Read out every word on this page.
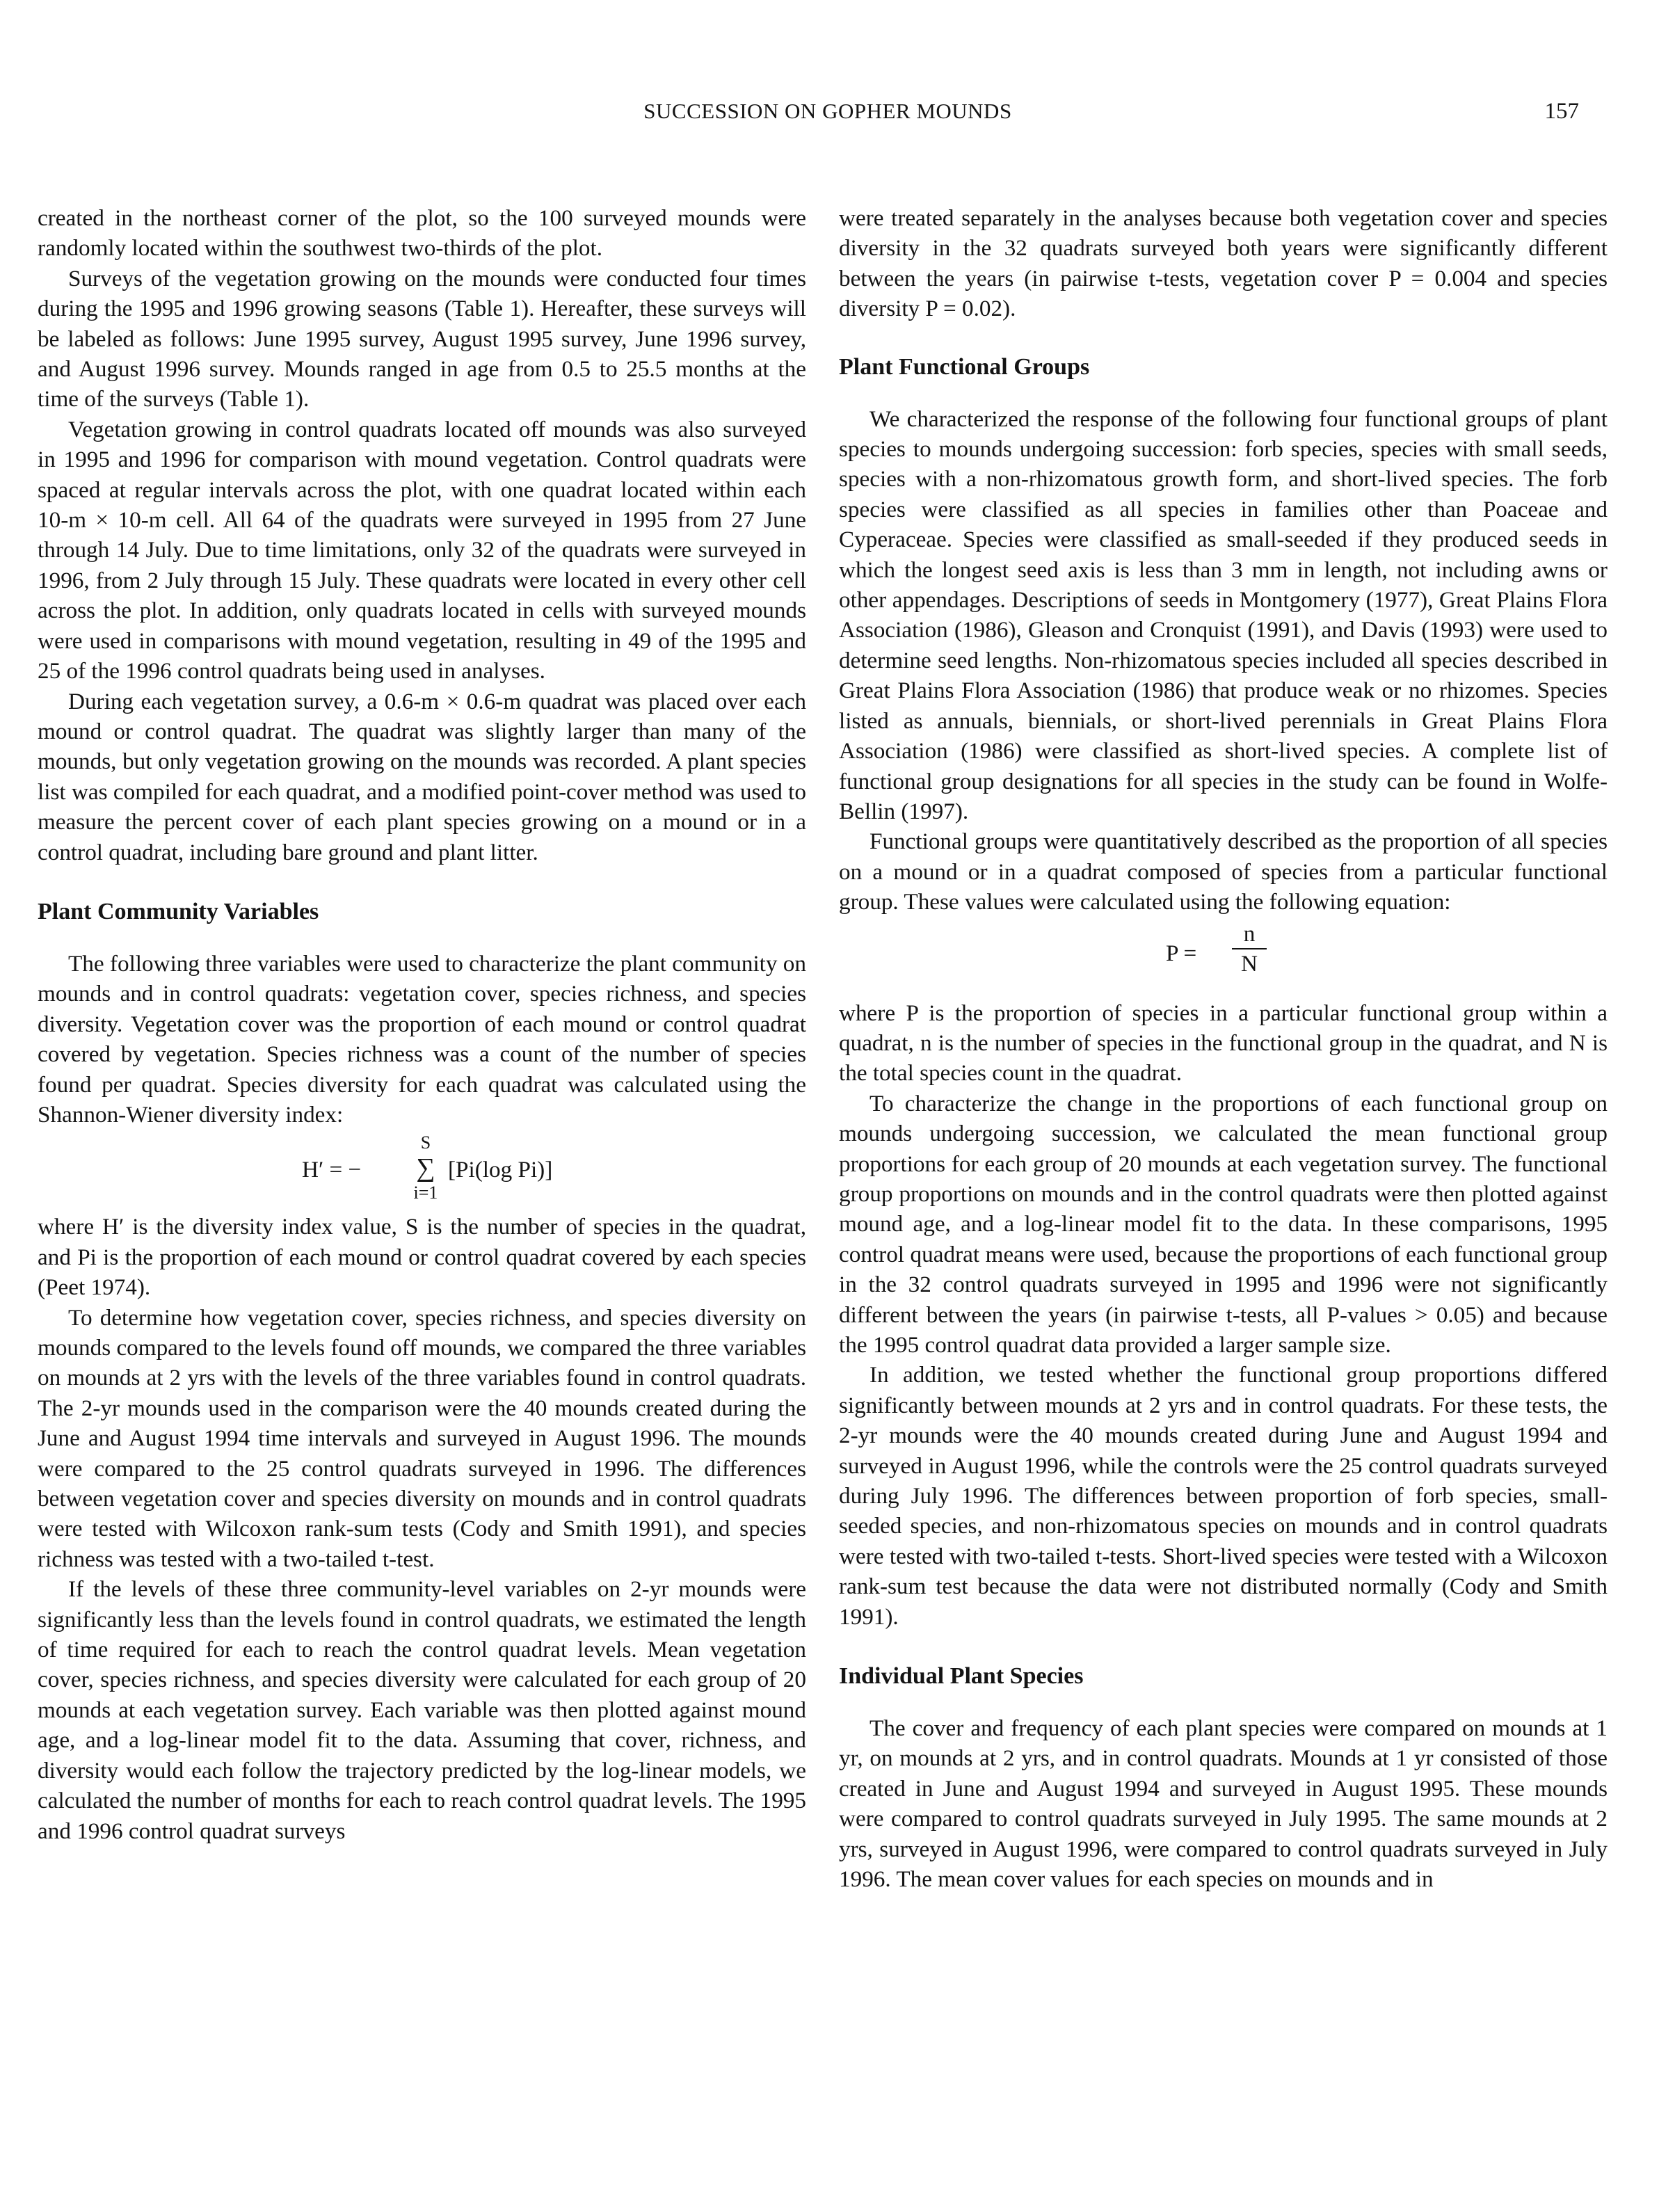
SUCCESSION ON GOPHER MOUNDS	157

created in the northeast corner of the plot, so the 100 surveyed mounds were randomly located within the southwest two-thirds of the plot.

Surveys of the vegetation growing on the mounds were conducted four times during the 1995 and 1996 growing seasons (Table 1). Hereafter, these surveys will be labeled as follows: June 1995 survey, August 1995 survey, June 1996 survey, and August 1996 survey. Mounds ranged in age from 0.5 to 25.5 months at the time of the surveys (Table 1).

Vegetation growing in control quadrats located off mounds was also surveyed in 1995 and 1996 for comparison with mound vegetation. Control quadrats were spaced at regular intervals across the plot, with one quadrat located within each 10-m × 10-m cell. All 64 of the quadrats were surveyed in 1995 from 27 June through 14 July. Due to time limitations, only 32 of the quadrats were surveyed in 1996, from 2 July through 15 July. These quadrats were located in every other cell across the plot. In addition, only quadrats located in cells with surveyed mounds were used in comparisons with mound vegetation, resulting in 49 of the 1995 and 25 of the 1996 control quadrats being used in analyses.

During each vegetation survey, a 0.6-m × 0.6-m quadrat was placed over each mound or control quadrat. The quadrat was slightly larger than many of the mounds, but only vegetation growing on the mounds was recorded. A plant species list was compiled for each quadrat, and a modified point-cover method was used to measure the percent cover of each plant species growing on a mound or in a control quadrat, including bare ground and plant litter.

Plant Community Variables

The following three variables were used to characterize the plant community on mounds and in control quadrats: vegetation cover, species richness, and species diversity. Vegetation cover was the proportion of each mound or control quadrat covered by vegetation. Species richness was a count of the number of species found per quadrat. Species diversity for each quadrat was calculated using the Shannon-Wiener diversity index:

H′ = −
S
∑
i=1
[Pi(log Pi)]

where H′ is the diversity index value, S is the number of species in the quadrat, and Pi is the proportion of each mound or control quadrat covered by each species (Peet 1974).

To determine how vegetation cover, species richness, and species diversity on mounds compared to the levels found off mounds, we compared the three variables on mounds at 2 yrs with the levels of the three variables found in control quadrats. The 2-yr mounds used in the comparison were the 40 mounds created during the June and August 1994 time intervals and surveyed in August 1996. The mounds were compared to the 25 control quadrats surveyed in 1996. The differences between vegetation cover and species diversity on mounds and in control quadrats were tested with Wilcoxon rank-sum tests (Cody and Smith 1991), and species richness was tested with a two-tailed t-test.

If the levels of these three community-level variables on 2-yr mounds were significantly less than the levels found in control quadrats, we estimated the length of time required for each to reach the control quadrat levels. Mean vegetation cover, species richness, and species diversity were calculated for each group of 20 mounds at each vegetation survey. Each variable was then plotted against mound age, and a log-linear model fit to the data. Assuming that cover, richness, and diversity would each follow the trajectory predicted by the log-linear models, we calculated the number of months for each to reach control quadrat levels. The 1995 and 1996 control quadrat surveys

were treated separately in the analyses because both vegetation cover and species diversity in the 32 quadrats surveyed both years were significantly different between the years (in pairwise t-tests, vegetation cover P = 0.004 and species diversity P = 0.02).

Plant Functional Groups

We characterized the response of the following four functional groups of plant species to mounds undergoing succession: forb species, species with small seeds, species with a non-rhizomatous growth form, and short-lived species. The forb species were classified as all species in families other than Poaceae and Cyperaceae. Species were classified as small-seeded if they produced seeds in which the longest seed axis is less than 3 mm in length, not including awns or other appendages. Descriptions of seeds in Montgomery (1977), Great Plains Flora Association (1986), Gleason and Cronquist (1991), and Davis (1993) were used to determine seed lengths. Non-rhizomatous species included all species described in Great Plains Flora Association (1986) that produce weak or no rhizomes. Species listed as annuals, biennials, or short-lived perennials in Great Plains Flora Association (1986) were classified as short-lived species. A complete list of functional group designations for all species in the study can be found in Wolfe-Bellin (1997).

Functional groups were quantitatively described as the proportion of all species on a mound or in a quadrat composed of species from a particular functional group. These values were calculated using the following equation:

$P = \frac{n}{N}$

where P is the proportion of species in a particular functional group within a quadrat, n is the number of species in the functional group in the quadrat, and N is the total species count in the quadrat.

To characterize the change in the proportions of each functional group on mounds undergoing succession, we calculated the mean functional group proportions for each group of 20 mounds at each vegetation survey. The functional group proportions on mounds and in the control quadrats were then plotted against mound age, and a log-linear model fit to the data. In these comparisons, 1995 control quadrat means were used, because the proportions of each functional group in the 32 control quadrats surveyed in 1995 and 1996 were not significantly different between the years (in pairwise t-tests, all P-values > 0.05) and because the 1995 control quadrat data provided a larger sample size.

In addition, we tested whether the functional group proportions differed significantly between mounds at 2 yrs and in control quadrats. For these tests, the 2-yr mounds were the 40 mounds created during June and August 1994 and surveyed in August 1996, while the controls were the 25 control quadrats surveyed during July 1996. The differences between proportion of forb species, small-seeded species, and non-rhizomatous species on mounds and in control quadrats were tested with two-tailed t-tests. Short-lived species were tested with a Wilcoxon rank-sum test because the data were not distributed normally (Cody and Smith 1991).

Individual Plant Species

The cover and frequency of each plant species were compared on mounds at 1 yr, on mounds at 2 yrs, and in control quadrats. Mounds at 1 yr consisted of those created in June and August 1994 and surveyed in August 1995. These mounds were compared to control quadrats surveyed in July 1995. The same mounds at 2 yrs, surveyed in August 1996, were compared to control quadrats surveyed in July 1996. The mean cover values for each species on mounds and in
